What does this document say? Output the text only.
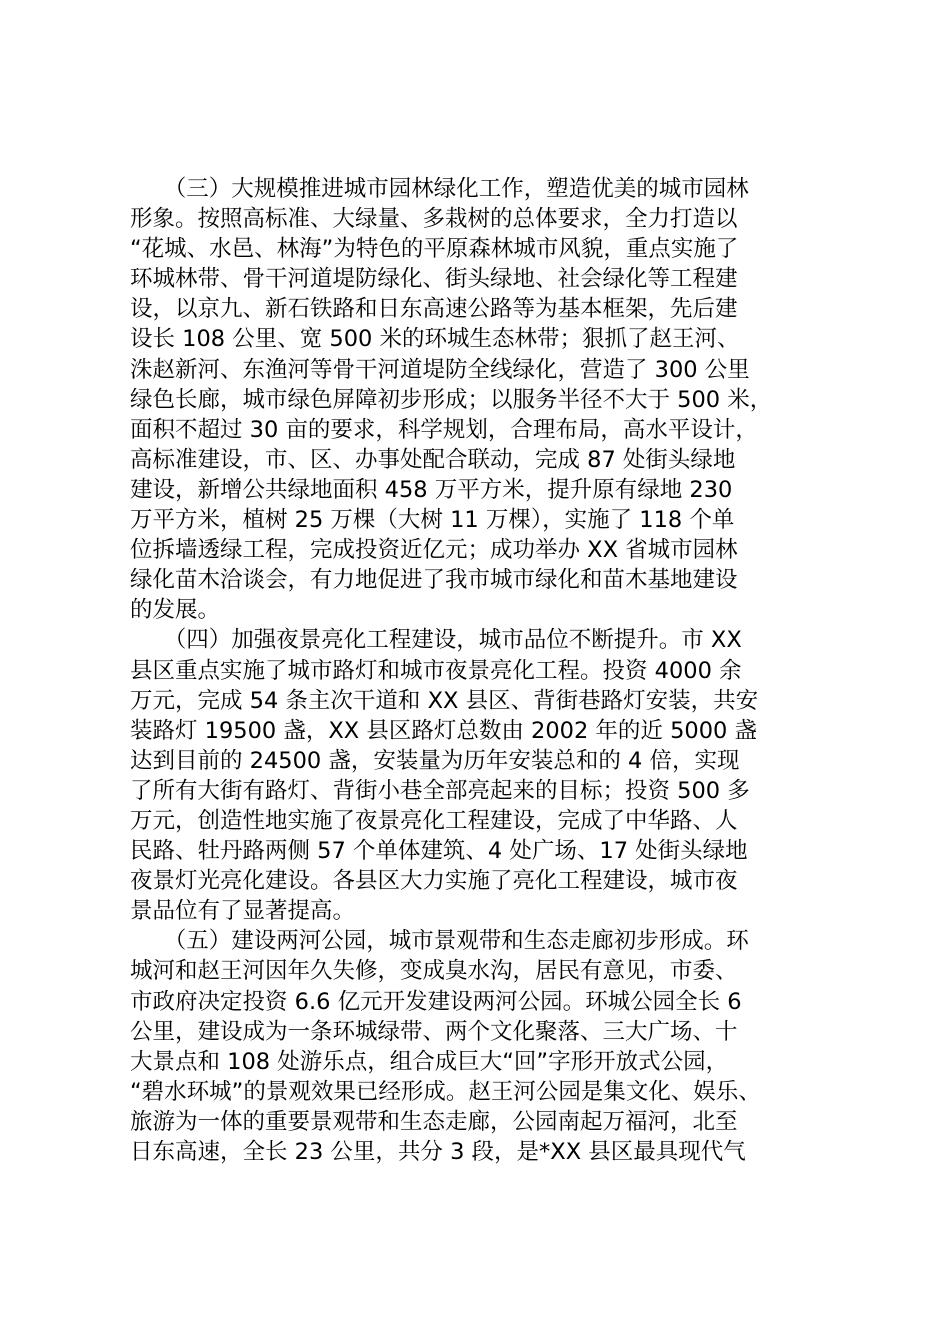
　　（三）大规模推进城市园林绿化工作，塑造优美的城市园林
形象。按照高标准、大绿量、多栽树的总体要求，全力打造以
“花城、水邑、林海”为特色的平原森林城市风貌，重点实施了
环城林带、骨干河道堤防绿化、街头绿地、社会绿化等工程建
设，以京九、新石铁路和日东高速公路等为基本框架，先后建
设长 108 公里、宽 500 米的环城生态林带；狠抓了赵王河、
洙赵新河、东渔河等骨干河道堤防全线绿化，营造了 300 公里
绿色长廊，城市绿色屏障初步形成；以服务半径不大于 500 米，
面积不超过 30 亩的要求，科学规划，合理布局，高水平设计，
高标准建设，市、区、办事处配合联动，完成 87 处街头绿地
建设，新增公共绿地面积 458 万平方米，提升原有绿地 230
万平方米，植树 25 万棵（大树 11 万棵），实施了 118 个单
位拆墙透绿工程，完成投资近亿元；成功举办 XX 省城市园林
绿化苗木洽谈会，有力地促进了我市城市绿化和苗木基地建设
的发展。
　　（四）加强夜景亮化工程建设，城市品位不断提升。市 XX
县区重点实施了城市路灯和城市夜景亮化工程。投资 4000 余
万元，完成 54 条主次干道和 XX 县区、背街巷路灯安装，共安
装路灯 19500 盏，XX 县区路灯总数由 2002 年的近 5000 盏
达到目前的 24500 盏，安装量为历年安装总和的 4 倍，实现
了所有大街有路灯、背街小巷全部亮起来的目标；投资 500 多
万元，创造性地实施了夜景亮化工程建设，完成了中华路、人
民路、牡丹路两侧 57 个单体建筑、4 处广场、17 处街头绿地
夜景灯光亮化建设。各县区大力实施了亮化工程建设，城市夜
景品位有了显著提高。
　　（五）建设两河公园，城市景观带和生态走廊初步形成。环
城河和赵王河因年久失修，变成臭水沟，居民有意见，市委、
市政府决定投资 6.6 亿元开发建设两河公园。环城公园全长 6
公里，建设成为一条环城绿带、两个文化聚落、三大广场、十
大景点和 108 处游乐点，组合成巨大“回”字形开放式公园，
“碧水环城”的景观效果已经形成。赵王河公园是集文化、娱乐、
旅游为一体的重要景观带和生态走廊，公园南起万福河，北至
日东高速，全长 23 公里，共分 3 段，是*XX 县区最具现代气
